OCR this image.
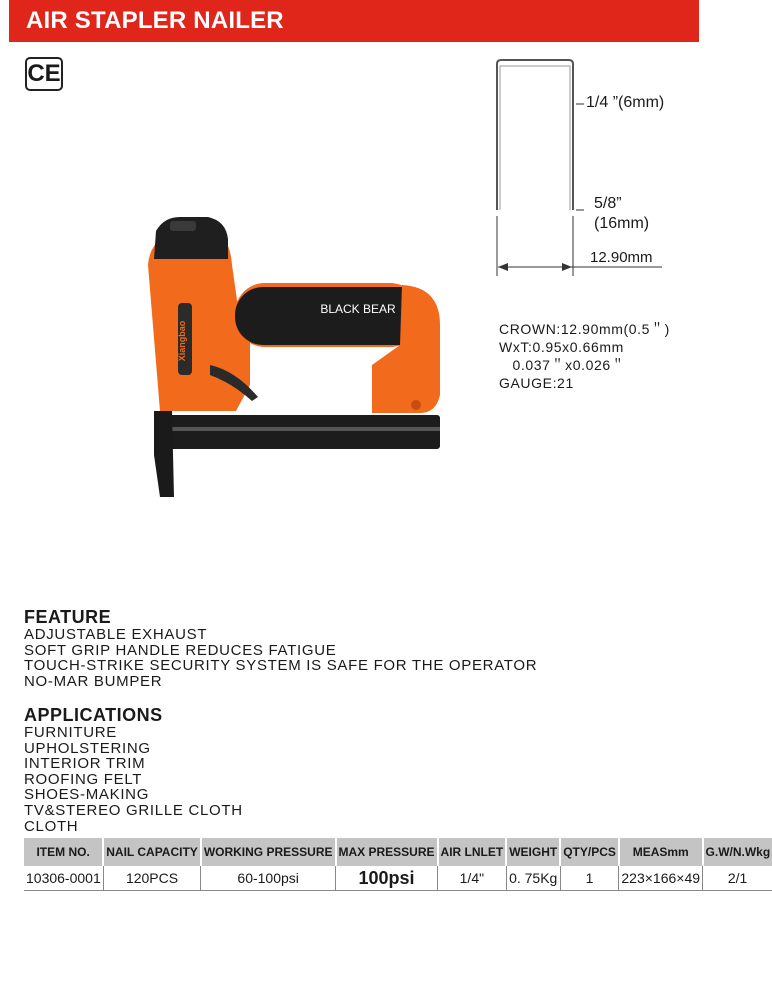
AIR STAPLER NAILER
CE
BLACK BEAR
Xiangbao
1/4 ”(6mm)
5/8”
(16mm)
12.90mm
CROWN:12.90mm(0.5＂)
WxT:0.95x0.66mm
0.037＂x0.026＂
GAUGE:21
FEATURE
ADJUSTABLE EXHAUST
SOFT GRIP HANDLE REDUCES FATIGUE
TOUCH-STRIKE SECURITY SYSTEM IS SAFE FOR THE OPERATOR
NO-MAR BUMPER
APPLICATIONS
FURNITURE
UPHOLSTERING
INTERIOR TRIM
ROOFING FELT
SHOES-MAKING
TV&STEREO GRILLE CLOTH
CLOTH
ITEM NO.	NAIL CAPACITY	WORKING PRESSURE	MAX PRESSURE	AIR LNLET	WEIGHT	QTY/PCS	MEASmm	G.W/N.Wkg
10306-0001	120PCS	60-100psi	100psi	1/4"	0. 75Kg	1	223×166×49	2/1
